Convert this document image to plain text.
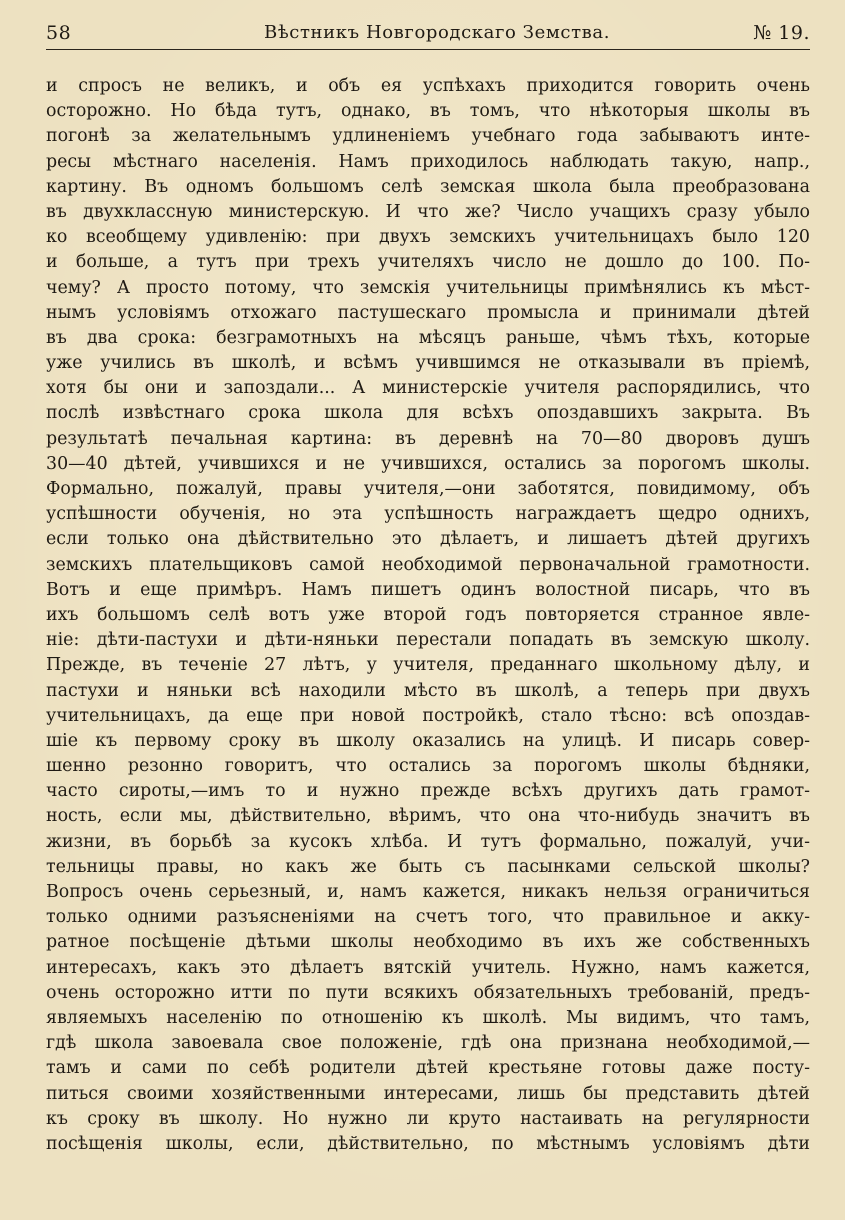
58	Вѣстникъ Новгородскаго Земства.	№ 19.
и спросъ не великъ, и объ ея успѣхахъ приходится говорить очень
осторожно. Но бѣда тутъ, однако, въ томъ, что нѣкоторыя школы въ
погонѣ за желательнымъ удлиненіемъ учебнаго года забываютъ инте-
ресы мѣстнаго населенія. Намъ приходилось наблюдать такую, напр.,
картину. Въ одномъ большомъ селѣ земская школа была преобразована
въ двухклассную министерскую. И что же? Число учащихъ сразу убыло
ко всеобщему удивленію: при двухъ земскихъ учительницахъ было 120
и больше, а тутъ при трехъ учителяхъ число не дошло до 100. По-
чему? А просто потому, что земскія учительницы примѣнялись къ мѣст-
нымъ условіямъ отхожаго пастушескаго промысла и принимали дѣтей
въ два срока: безграмотныхъ на мѣсяцъ раньше, чѣмъ тѣхъ, которые
уже учились въ школѣ, и всѣмъ учившимся не отказывали въ пріемѣ,
хотя бы они и запоздали... А министерскіе учителя распорядились, что
послѣ извѣстнаго срока школа для всѣхъ опоздавшихъ закрыта. Въ
результатѣ печальная картина: въ деревнѣ на 70—80 дворовъ душъ
30—40 дѣтей, учившихся и не учившихся, остались за порогомъ школы.
Формально, пожалуй, правы учителя,—они заботятся, повидимому, объ
успѣшности обученія, но эта успѣшность награждаетъ щедро однихъ,
если только она дѣйствительно это дѣлаетъ, и лишаетъ дѣтей другихъ
земскихъ плательщиковъ самой необходимой первоначальной грамотности.
Вотъ и еще примѣръ. Намъ пишетъ одинъ волостной писарь, что въ
ихъ большомъ селѣ вотъ уже второй годъ повторяется странное явле-
ніе: дѣти-пастухи и дѣти-няньки перестали попадать въ земскую школу.
Прежде, въ теченіе 27 лѣтъ, у учителя, преданнаго школьному дѣлу, и
пастухи и няньки всѣ находили мѣсто въ школѣ, а теперь при двухъ
учительницахъ, да еще при новой постройкѣ, стало тѣсно: всѣ опоздав-
шіе къ первому сроку въ школу оказались на улицѣ. И писарь совер-
шенно резонно говоритъ, что остались за порогомъ школы бѣдняки,
часто сироты,—имъ то и нужно прежде всѣхъ другихъ дать грамот-
ность, если мы, дѣйствительно, вѣримъ, что она что-нибудь значитъ въ
жизни, въ борьбѣ за кусокъ хлѣба. И тутъ формально, пожалуй, учи-
тельницы правы, но какъ же быть съ пасынками сельской школы?
Вопросъ очень серьезный, и, намъ кажется, никакъ нельзя ограничиться
только одними разъясненіями на счетъ того, что правильное и акку-
ратное посѣщеніе дѣтьми школы необходимо въ ихъ же собственныхъ
интересахъ, какъ это дѣлаетъ вятскій учитель. Нужно, намъ кажется,
очень осторожно итти по пути всякихъ обязательныхъ требованій, предъ-
являемыхъ населенію по отношенію къ школѣ. Мы видимъ, что тамъ,
гдѣ школа завоевала свое положеніе, гдѣ она признана необходимой,—
тамъ и сами по себѣ родители дѣтей крестьяне готовы даже посту-
питься своими хозяйственными интересами, лишь бы представить дѣтей
къ сроку въ школу. Но нужно ли круто настаивать на регулярности
посѣщенія школы, если, дѣйствительно, по мѣстнымъ условіямъ дѣти
